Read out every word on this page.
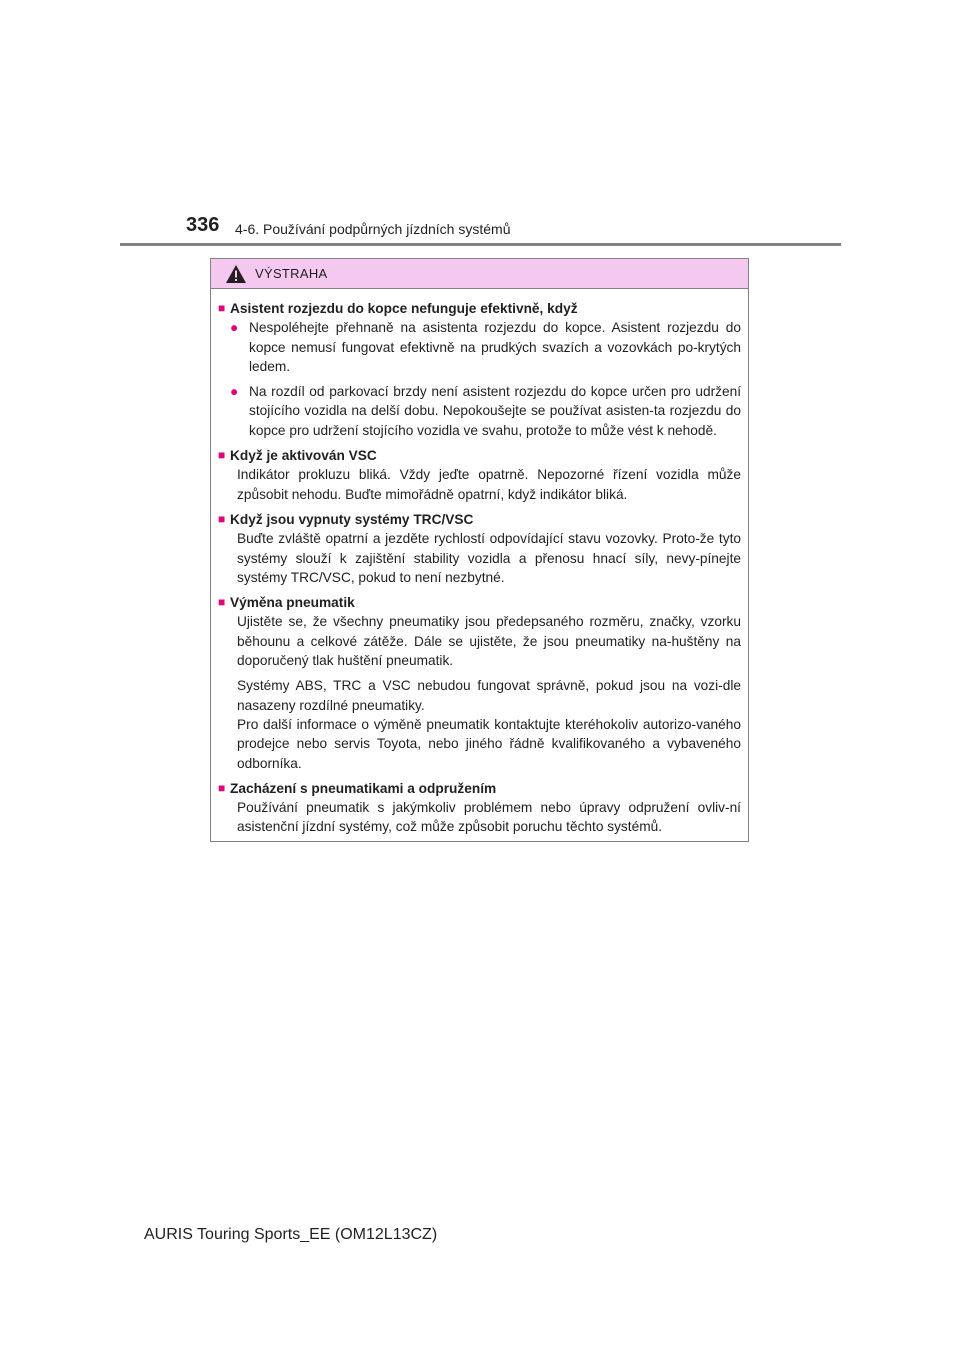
336 4-6. Používání podpůrných jízdních systémů
VÝSTRAHA
■ Asistent rozjezdu do kopce nefunguje efektivně, když
● Nespoléhejte přehnaně na asistenta rozjezdu do kopce. Asistent rozjezdu do kopce nemusí fungovat efektivně na prudkých svazích a vozovkách po-krytých ledem.
● Na rozdíl od parkovací brzdy není asistent rozjezdu do kopce určen pro udržení stojícího vozidla na delší dobu. Nepokoušejte se používat asisten-ta rozjezdu do kopce pro udržení stojícího vozidla ve svahu, protože to může vést k nehodě.
■ Když je aktivován VSC
Indikátor prokluzu bliká. Vždy jeďte opatrně. Nepozorné řízení vozidla může způsobit nehodu. Buďte mimořádně opatrní, když indikátor bliká.
■ Když jsou vypnuty systémy TRC/VSC
Buďte zvláště opatrní a jezděte rychlostí odpovídající stavu vozovky. Proto-že tyto systémy slouží k zajištění stability vozidla a přenosu hnací síly, nevy-pínejte systémy TRC/VSC, pokud to není nezbytné.
■ Výměna pneumatik
Ujistěte se, že všechny pneumatiky jsou předepsaného rozměru, značky, vzorku běhounu a celkové zátěže. Dále se ujistěte, že jsou pneumatiky na-huštěny na doporučený tlak huštění pneumatik.
Systémy ABS, TRC a VSC nebudou fungovat správně, pokud jsou na vozi-dle nasazeny rozdílné pneumatiky.
Pro další informace o výměně pneumatik kontaktujte kteréhokoliv autorizo-vaného prodejce nebo servis Toyota, nebo jiného řádně kvalifikovaného a vybaveného odborníka.
■ Zacházení s pneumatikami a odpružením
Používání pneumatik s jakýmkoliv problémem nebo úpravy odpružení ovliv-ní asistenční jízdní systémy, což může způsobit poruchu těchto systémů.
AURIS Touring Sports_EE (OM12L13CZ)
